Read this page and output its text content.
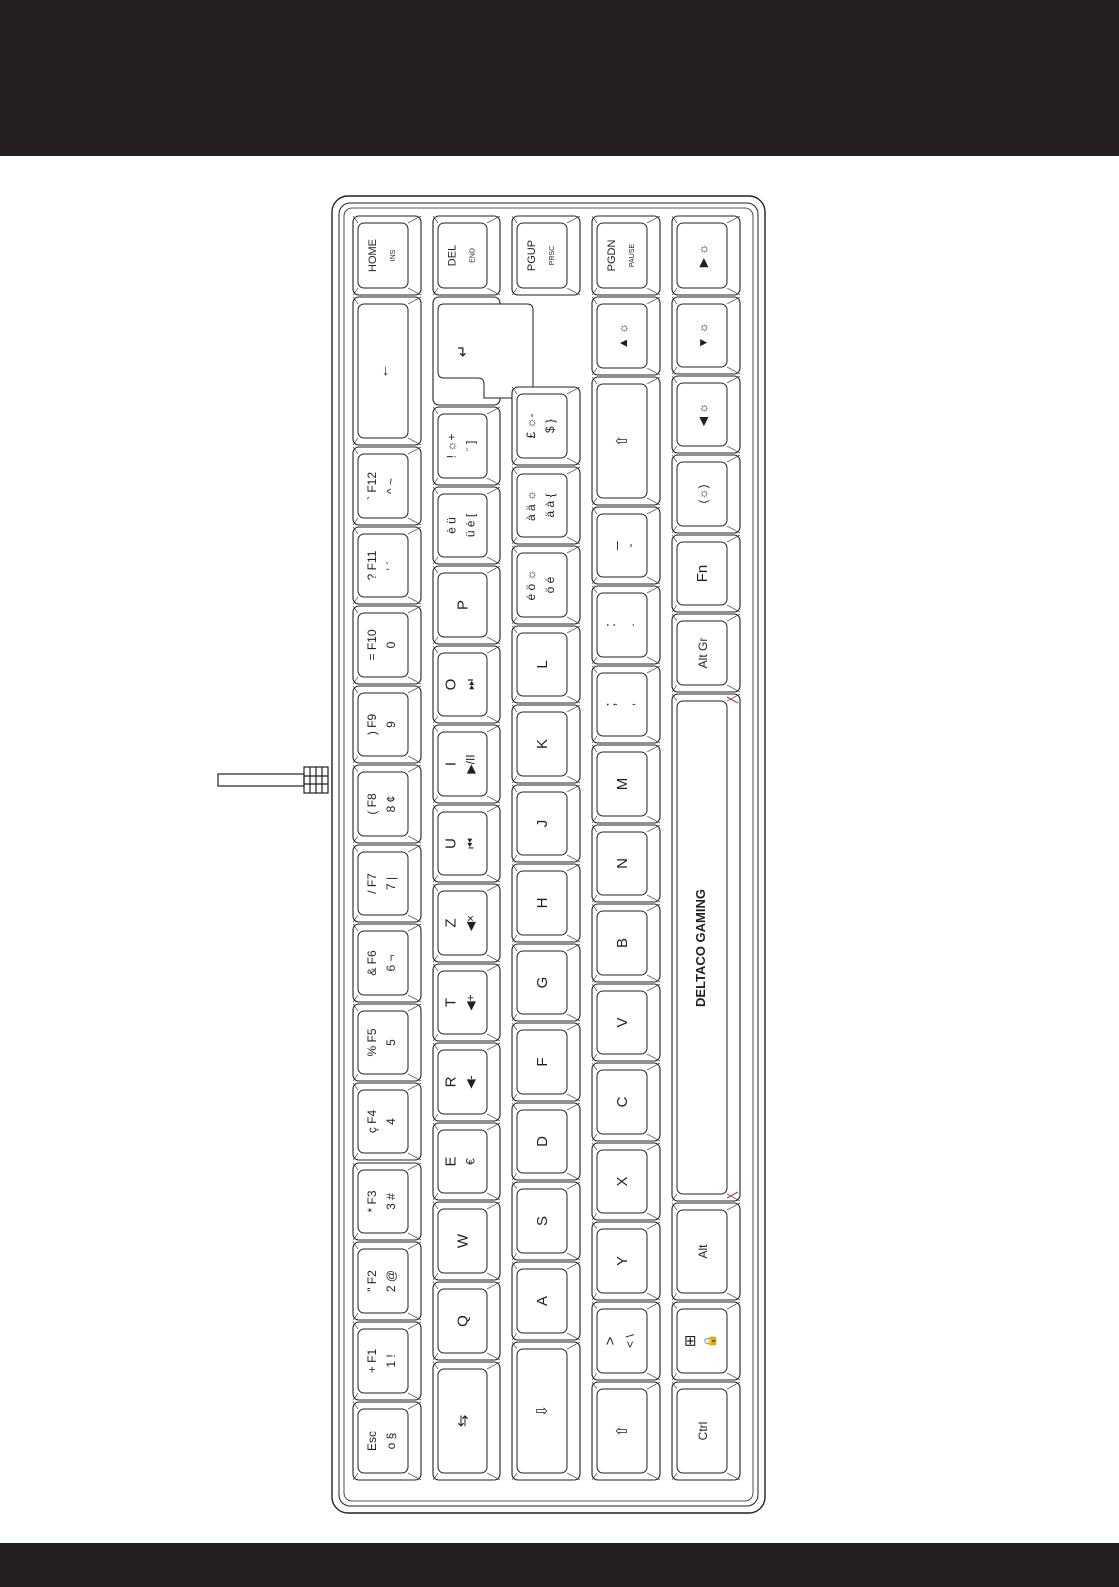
Esc o §
+ F1 1 !
" F2 2 @
* F3 3 #
ç F4 4
% F5 5
& F6 6 ¬
/ F7 7 |
( F8 8 ¢
) F9 9
= F10 0
? F11 ' ´
` F12 ^ ~
←
HOME INS
⇆
Q
W
E €
R ◀-
T ◀+
Z ◀×
U ⏮
I ▶/II
O ⏭
P
è ü ü è [
! ☼+ ¨ ]
↵
DEL END
⇩
A
S
D
F
G
H
J
K
L
é ö ☼ ö é
à ä ☼ ä à {
£ ☼- $ }
PGUP PRSC
⇧
> < \
Y
X
C
V
B
N
M
; ,
: .
_ -
⇧
▲ ☼
PGDN PAUSE
Ctrl
⊞ 🔒
Alt
Alt Gr
Fn
(☼)
◀ ☼
▼ ☼
▶ ☼
DELTACO GAMING
